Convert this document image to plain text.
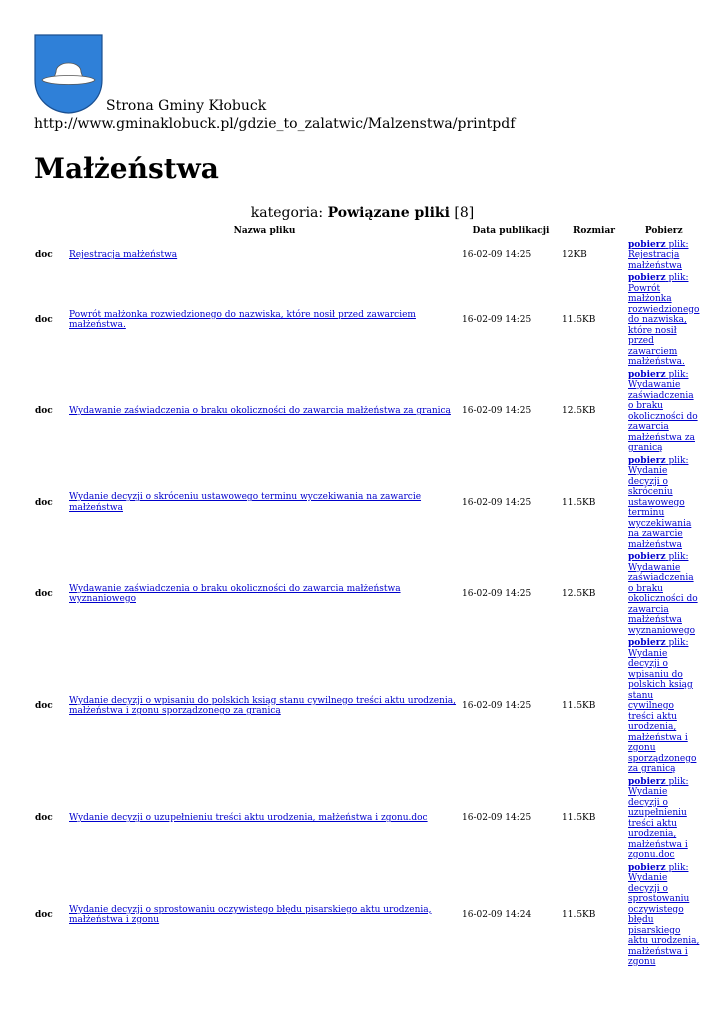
Strona Gminy Kłobuck
http://www.gminaklobuck.pl/gdzie_to_zalatwic/Malzenstwa/printpdf
Małżeństwa
kategoria: Powiązane pliki [8]
	Nazwa pliku	Data publikacji	Rozmiar	Pobierz
doc	Rejestracja małżeństwa	16-02-09 14:25	12KB	pobierz plik: Rejestracja małżeństwa
doc	Powrót małżonka rozwiedzionego do nazwiska, które nosił przed zawarciem małżeństwa.	16-02-09 14:25	11.5KB	pobierz plik: Powrót małżonka rozwiedzionego do nazwiska, które nosił przed zawarciem małżeństwa.
doc	Wydawanie zaświadczenia o braku okoliczności do zawarcia małżeństwa za granicą	16-02-09 14:25	12.5KB	pobierz plik: Wydawanie zaświadczenia o braku okoliczności do zawarcia małżeństwa za granicą
doc	Wydanie decyzji o skróceniu ustawowego terminu wyczekiwania na zawarcie małżeństwa	16-02-09 14:25	11.5KB	pobierz plik: Wydanie decyzji o skróceniu ustawowego terminu wyczekiwania na zawarcie małżeństwa
doc	Wydawanie zaświadczenia o braku okoliczności do zawarcia małżeństwa wyznaniowego	16-02-09 14:25	12.5KB	pobierz plik: Wydawanie zaświadczenia o braku okoliczności do zawarcia małżeństwa wyznaniowego
doc	Wydanie decyzji o wpisaniu do polskich ksiąg stanu cywilnego treści aktu urodzenia, małżeństwa i zgonu sporządzonego za granicą	16-02-09 14:25	11.5KB	pobierz plik: Wydanie decyzji o wpisaniu do polskich ksiąg stanu cywilnego treści aktu urodzenia, małżeństwa i zgonu sporządzonego za granicą
doc	Wydanie decyzji o uzupełnieniu treści aktu urodzenia, małżeństwa i zgonu.doc	16-02-09 14:25	11.5KB	pobierz plik: Wydanie decyzji o uzupełnieniu treści aktu urodzenia, małżeństwa i zgonu.doc
doc	Wydanie decyzji o sprostowaniu oczywistego błędu pisarskiego aktu urodzenia, małżeństwa i zgonu	16-02-09 14:24	11.5KB	pobierz plik: Wydanie decyzji o sprostowaniu oczywistego błędu pisarskiego aktu urodzenia, małżeństwa i zgonu
